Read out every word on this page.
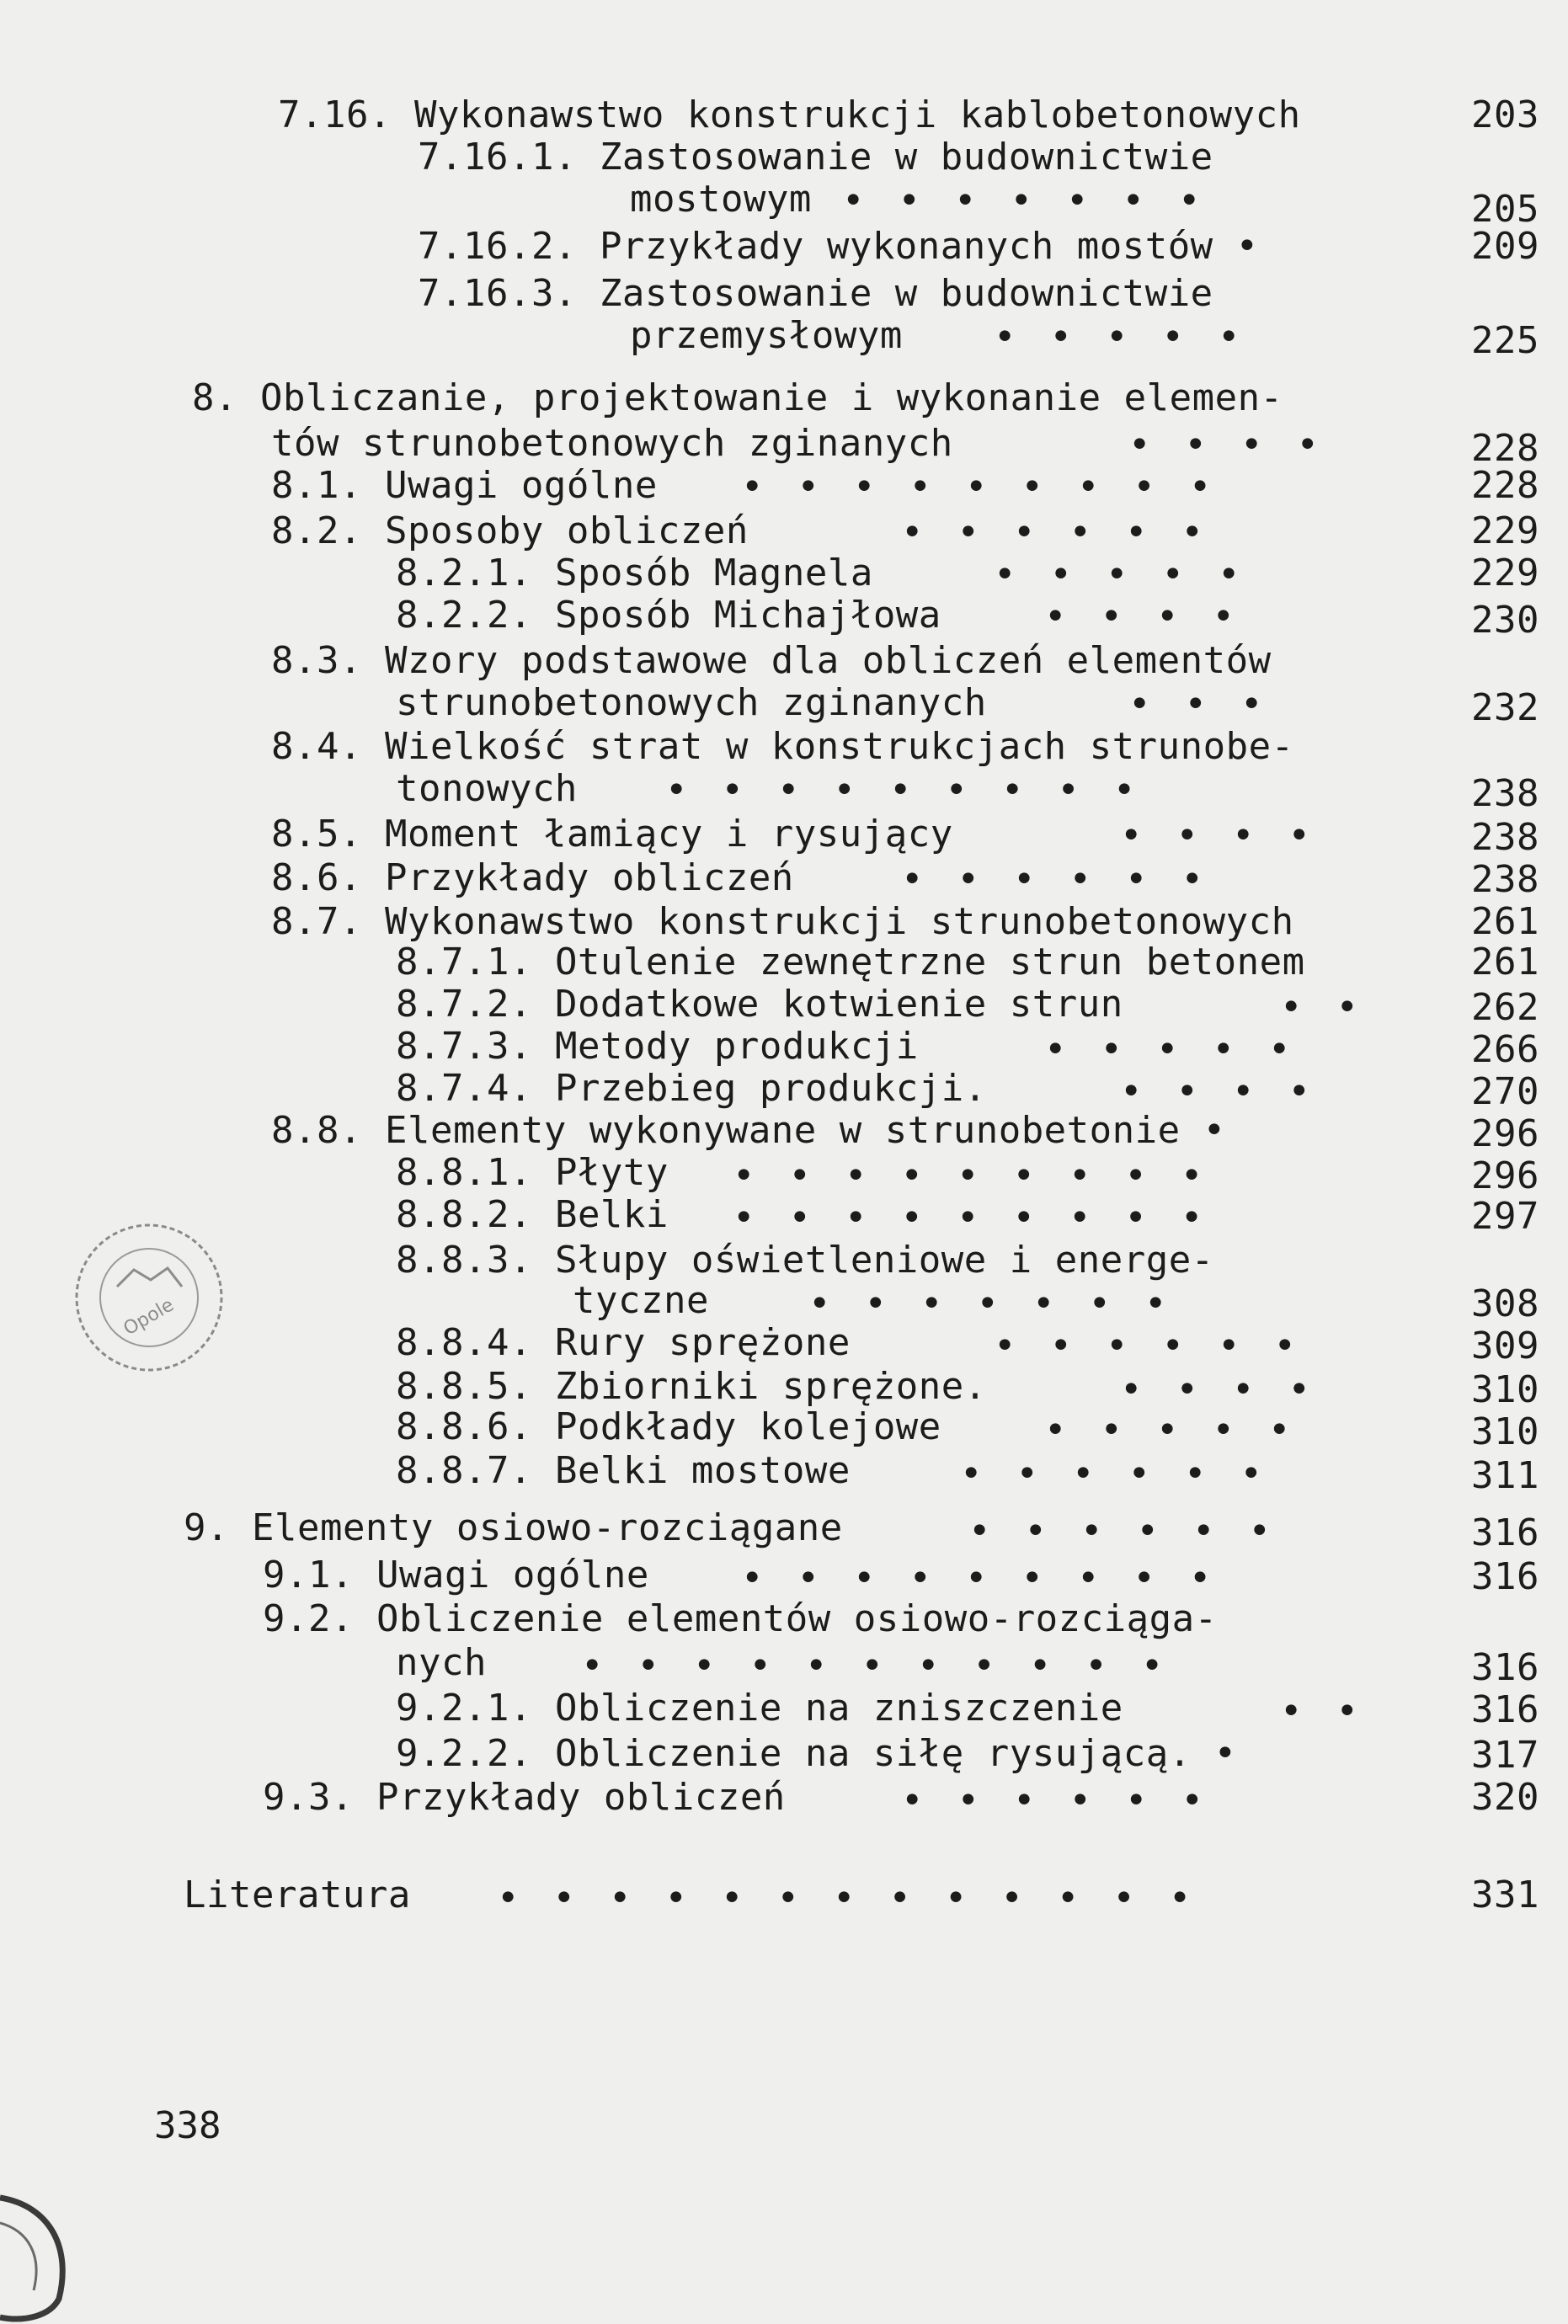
7.16. Wykonawstwo konstrukcji kablobetonowych	203
7.16.1. Zastosowanie w budownictwie
mostowym •••••••	205
7.16.2. Przykłady wykonanych mostów •	209
7.16.3. Zastosowanie w budownictwie
przemysłowym •••••	225
8. Obliczanie, projektowanie i wykonanie elemen-
tów strunobetonowych zginanych	••••	228
8.1. Uwagi ogólne •••••••••	228
8.2. Sposoby obliczeń	••••••	229
8.2.1. Sposób Magnela	•••••	229
8.2.2. Sposób Michajłowa	••••	230
8.3. Wzory podstawowe dla obliczeń elementów
strunobetonowych zginanych	•••	232
8.4. Wielkość strat w konstrukcjach strunobe-
tonowych •••••••••	238
8.5. Moment łamiący i rysujący	••••	238
8.6. Przykłady obliczeń	••••••	238
8.7. Wykonawstwo konstrukcji strunobetonowych	261
8.7.1. Otulenie zewnętrzne strun betonem	261
8.7.2. Dodatkowe kotwienie strun	••	262
8.7.3. Metody produkcji	•••••	266
8.7.4. Przebieg produkcji.	••••	270
8.8. Elementy wykonywane w strunobetonie •	296
8.8.1. Płyty •••••••••	296
8.8.2. Belki •••••••••	297
8.8.3. Słupy oświetleniowe i energe-
tyczne	•••••••	308
8.8.4. Rury sprężone	••••••	309
8.8.5. Zbiorniki sprężone.	••••	310
8.8.6. Podkłady kolejowe	•••••	310
8.8.7. Belki mostowe	••••••	311
9. Elementy osiowo-rozciągane	••••••	316
9.1. Uwagi ogólne •••••••••	316
9.2. Obliczenie elementów osiowo-rozciąga-
nych	•••••••••••	316
9.2.1. Obliczenie na zniszczenie	••	316
9.2.2. Obliczenie na siłę rysującą. •	317
9.3. Przykłady obliczeń	••••••	320
Literatura •••••••••••••	331
338
Opole
